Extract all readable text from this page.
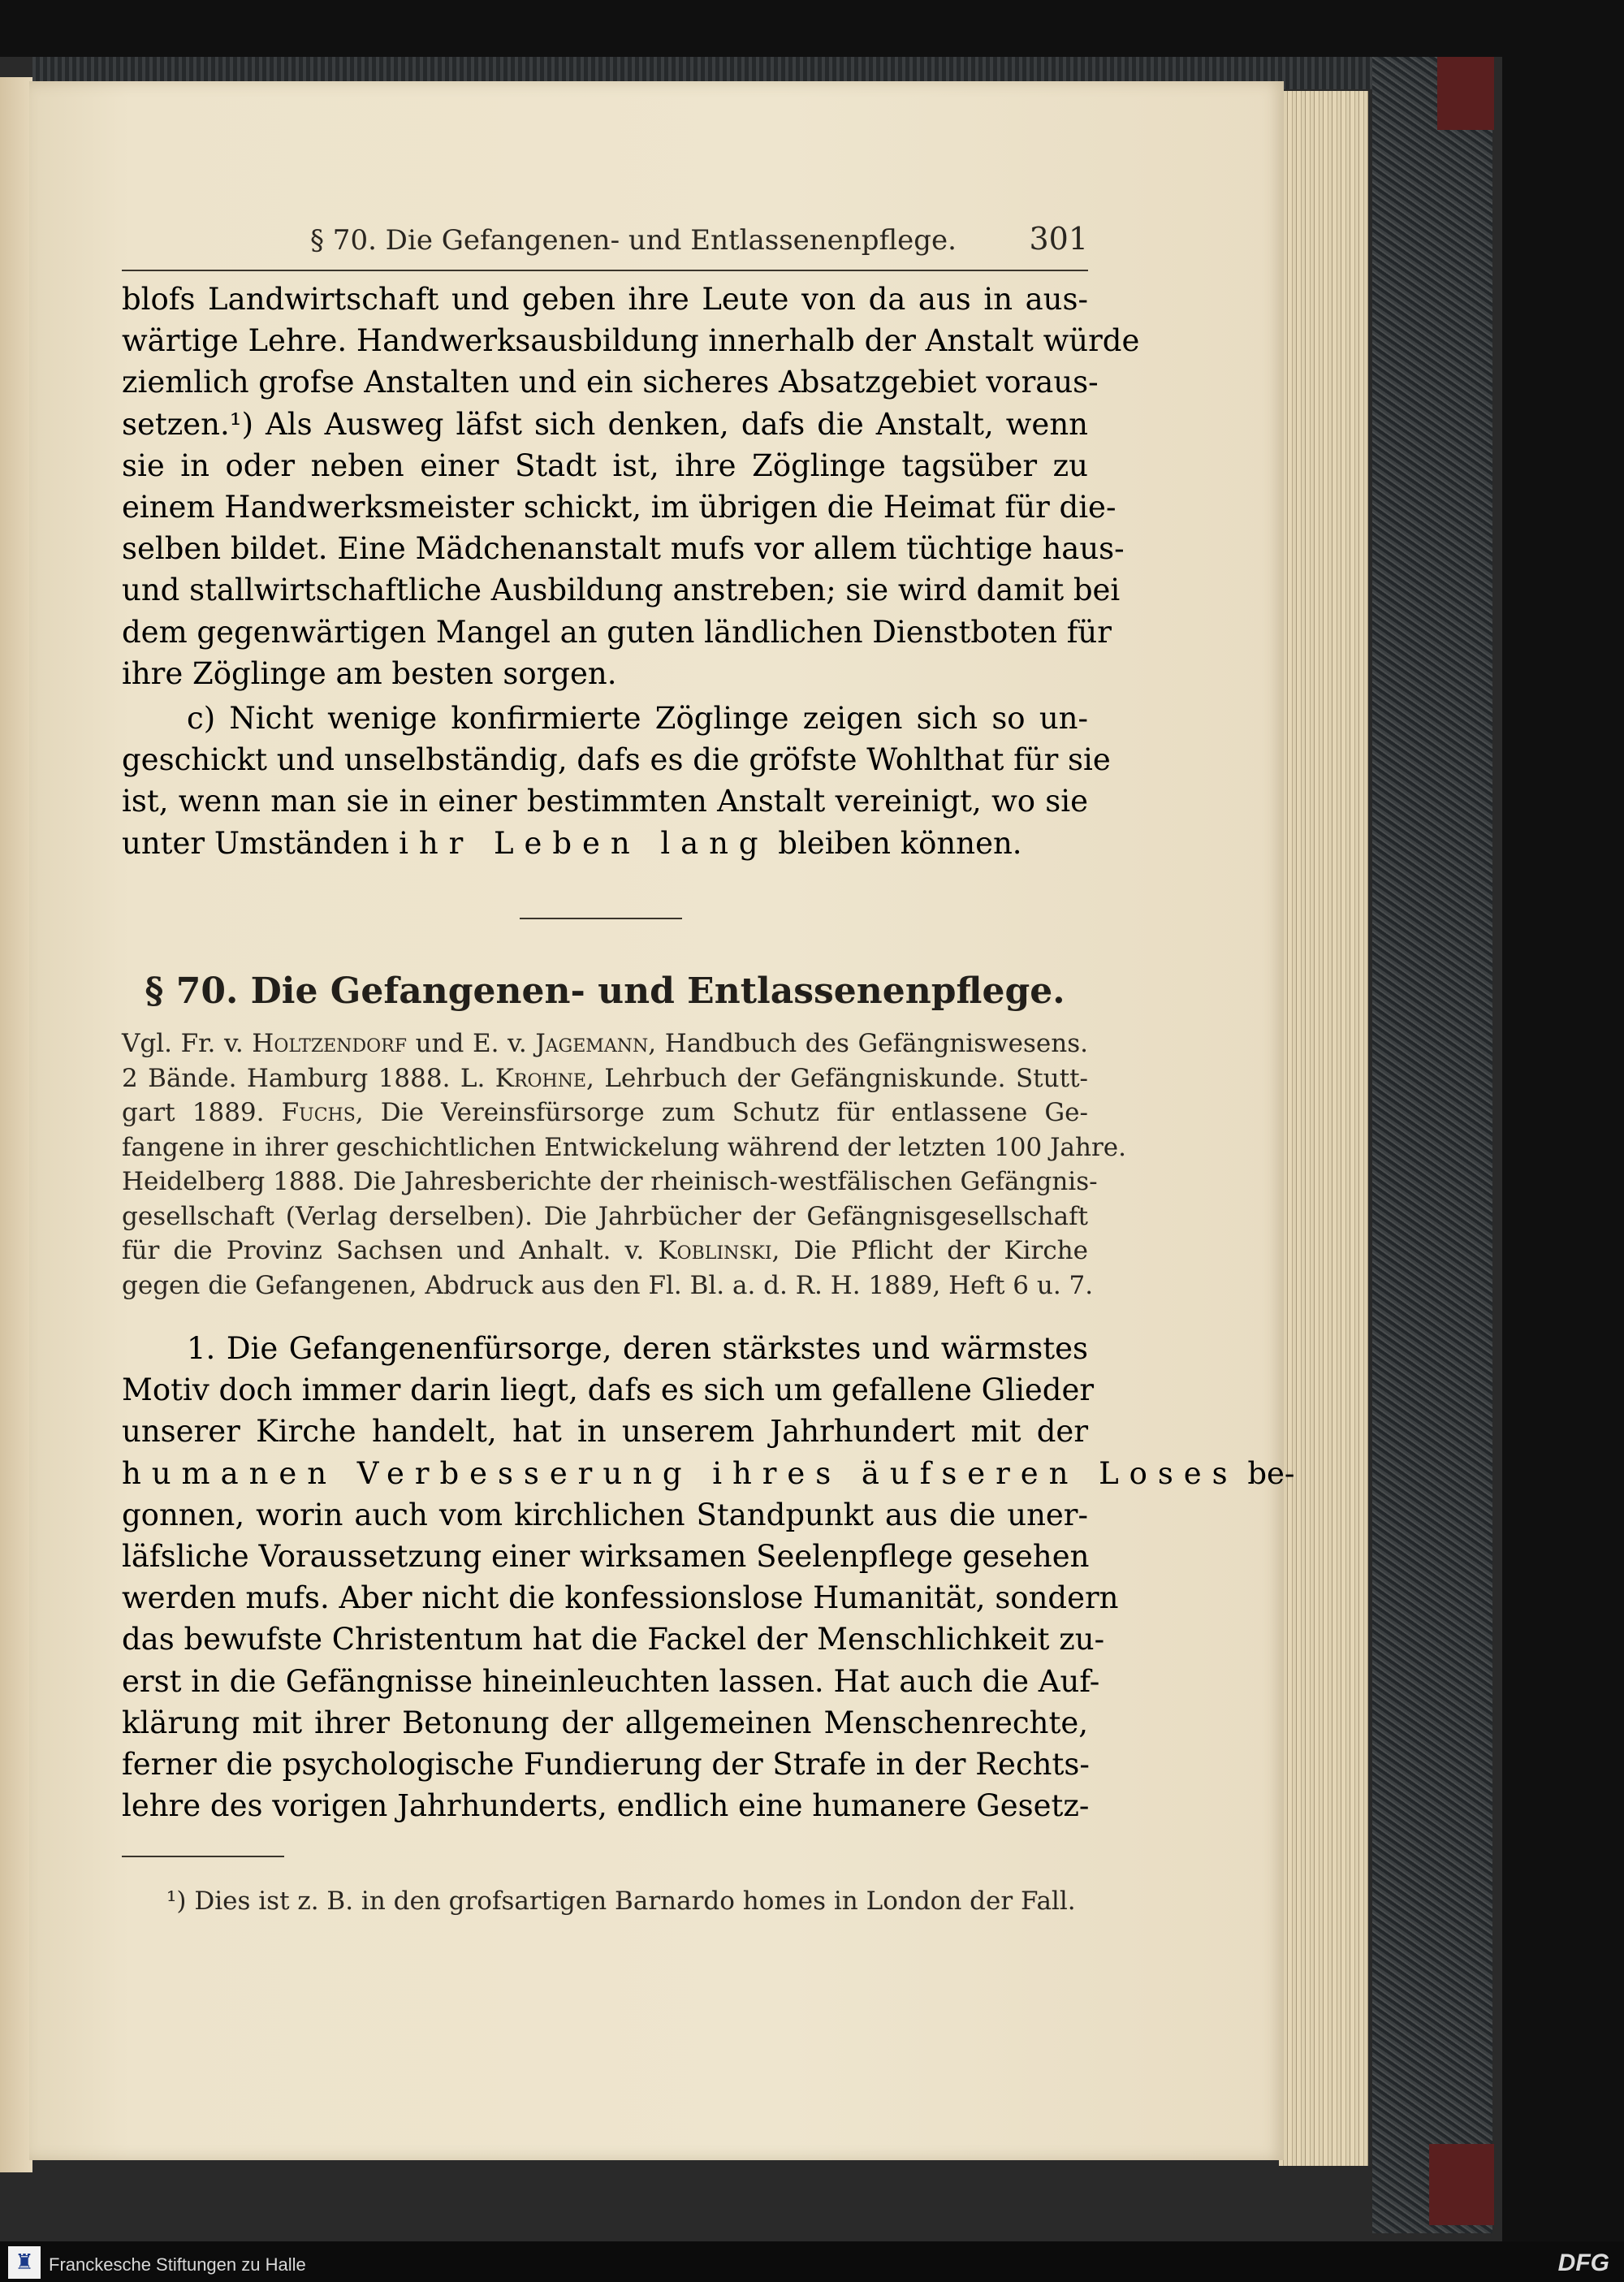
§ 70. Die Gefangenen- und Entlassenenpflege. 301
blofs Landwirtschaft und geben ihre Leute von da aus in aus-
wärtige Lehre. Handwerksausbildung innerhalb der Anstalt würde
ziemlich grofse Anstalten und ein sicheres Absatzgebiet voraus-
setzen.¹) Als Ausweg läfst sich denken, dafs die Anstalt, wenn
sie in oder neben einer Stadt ist, ihre Zöglinge tagsüber zu
einem Handwerksmeister schickt, im übrigen die Heimat für die-
selben bildet. Eine Mädchenanstalt mufs vor allem tüchtige haus-
und stallwirtschaftliche Ausbildung anstreben; sie wird damit bei
dem gegenwärtigen Mangel an guten ländlichen Dienstboten für
ihre Zöglinge am besten sorgen.
c) Nicht wenige konfirmierte Zöglinge zeigen sich so un-
geschickt und unselbständig, dafs es die gröfste Wohlthat für sie
ist, wenn man sie in einer bestimmten Anstalt vereinigt, wo sie
unter Umständen ihr Leben lang bleiben können.
§ 70. Die Gefangenen- und Entlassenenpflege.
Vgl. Fr. v. Holtzendorf und E. v. Jagemann, Handbuch des Gefängniswesens.
2 Bände. Hamburg 1888. L. Krohne, Lehrbuch der Gefängniskunde. Stutt-
gart 1889. Fuchs, Die Vereinsfürsorge zum Schutz für entlassene Ge-
fangene in ihrer geschichtlichen Entwickelung während der letzten 100 Jahre.
Heidelberg 1888. Die Jahresberichte der rheinisch-westfälischen Gefängnis-
gesellschaft (Verlag derselben). Die Jahrbücher der Gefängnisgesellschaft
für die Provinz Sachsen und Anhalt. v. Koblinski, Die Pflicht der Kirche
gegen die Gefangenen, Abdruck aus den Fl. Bl. a. d. R. H. 1889, Heft 6 u. 7.
1. Die Gefangenenfürsorge, deren stärkstes und wärmstes
Motiv doch immer darin liegt, dafs es sich um gefallene Glieder
unserer Kirche handelt, hat in unserem Jahrhundert mit der
humanen Verbesserung ihres äufseren Loses be-
gonnen, worin auch vom kirchlichen Standpunkt aus die uner-
läfsliche Voraussetzung einer wirksamen Seelenpflege gesehen
werden mufs. Aber nicht die konfessionslose Humanität, sondern
das bewufste Christentum hat die Fackel der Menschlichkeit zu-
erst in die Gefängnisse hineinleuchten lassen. Hat auch die Auf-
klärung mit ihrer Betonung der allgemeinen Menschenrechte,
ferner die psychologische Fundierung der Strafe in der Rechts-
lehre des vorigen Jahrhunderts, endlich eine humanere Gesetz-
¹) Dies ist z. B. in den grofsartigen Barnardo homes in London der Fall.
♜ Franckesche Stiftungen zu Halle	DFG
